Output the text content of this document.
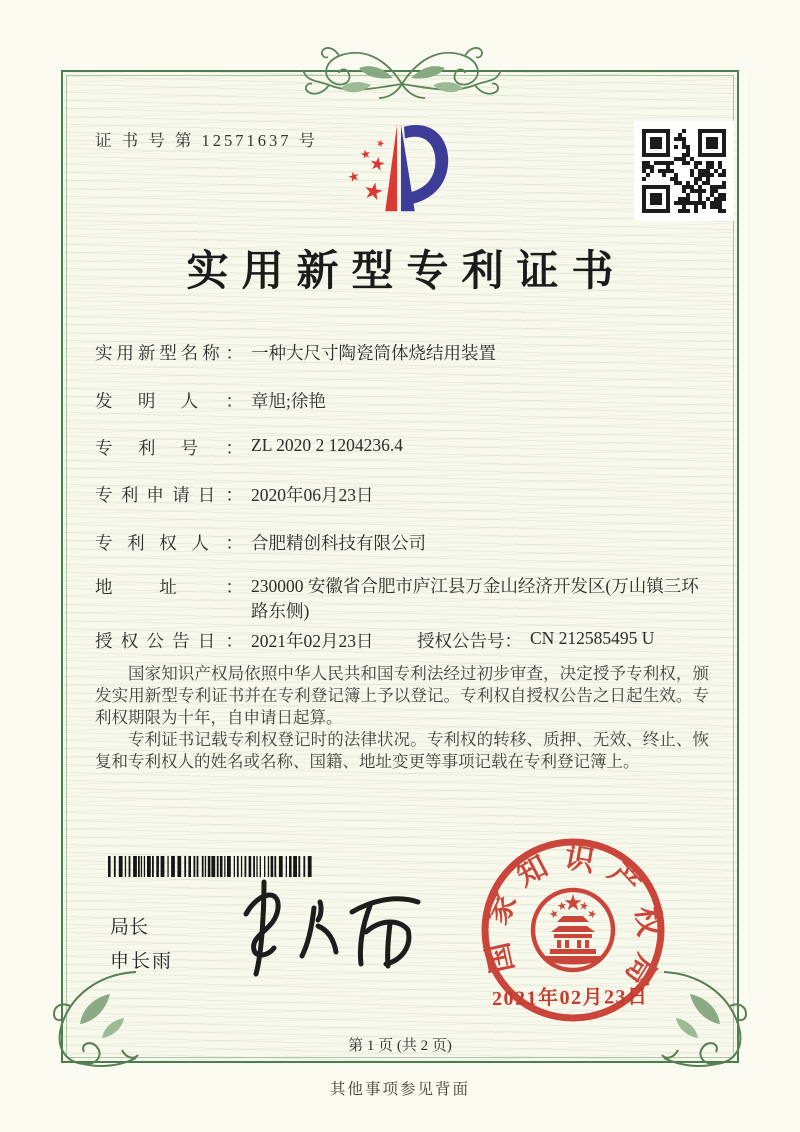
证 书 号 第 12571637 号
实用新型专利证书
实用新型名称 ： 一种大尺寸陶瓷筒体烧结用装置
发明人 ： 章旭;徐艳
专利号 ： ZL 2020 2 1204236.4
专利申请日 ： 2020年06月23日
专利权人 ： 合肥精创科技有限公司
地址 ： 230000 安徽省合肥市庐江县万金山经济开发区(万山镇三环路东侧)
授权公告日 ： 2021年02月23日 授权公告号 ： CN 212585495 U

国家知识产权局依照中华人民共和国专利法经过初步审查，决定授予专利权，颁发实用新型专利证书并在专利登记簿上予以登记。专利权自授权公告之日起生效。专利权期限为十年，自申请日起算。

专利证书记载专利权登记时的法律状况。专利权的转移、质押、无效、终止、恢复和专利权人的姓名或名称、国籍、地址变更等事项记载在专利登记簿上。

局长
申长雨	国家知识产权局
2021年02月23日
第 1 页 (共 2 页)
其他事项参见背面
